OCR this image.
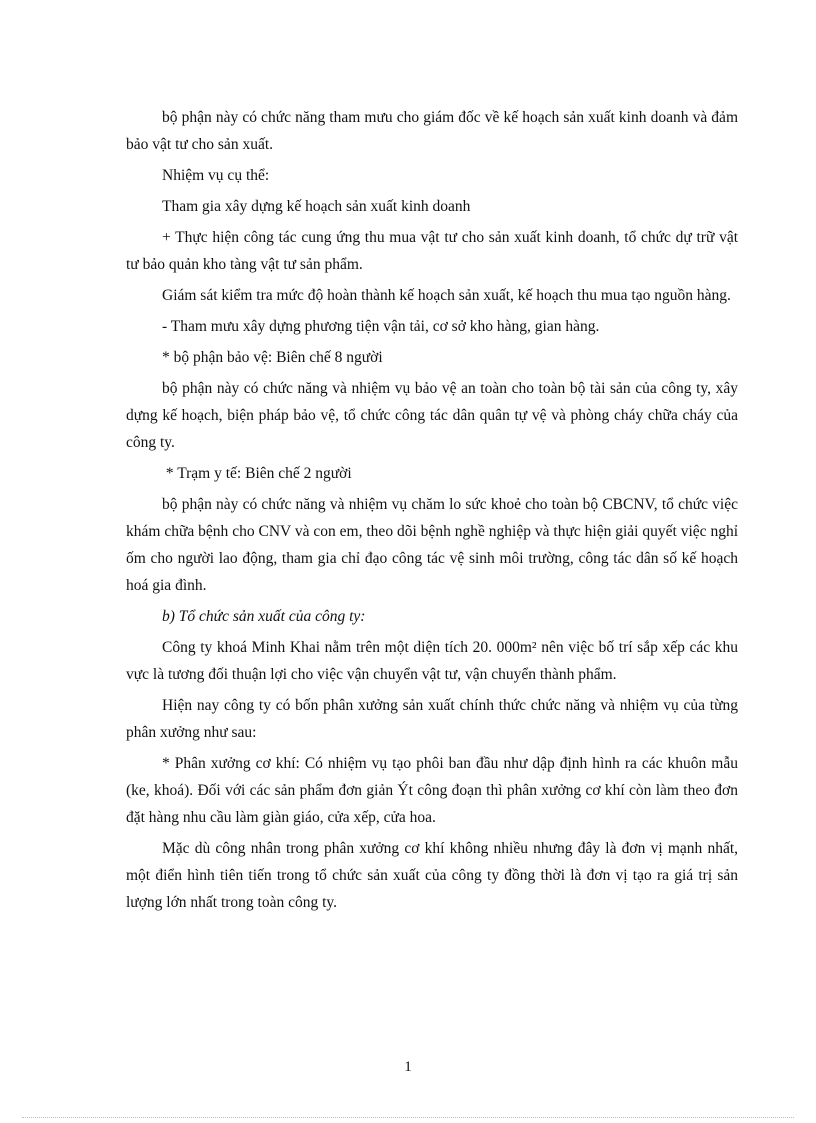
bộ phận này có chức năng tham mưu cho giám đốc về kế hoạch sản xuất kinh doanh và đảm bảo vật tư cho sản xuất.

Nhiệm vụ cụ thể:

Tham gia xây dựng kế hoạch sản xuất kinh doanh

+ Thực hiện công tác cung ứng thu mua vật tư cho sản xuất kinh doanh, tổ chức dự trữ vật tư bảo quản kho tàng vật tư sản phẩm.

Giám sát kiểm tra mức độ hoàn thành kế hoạch sản xuất, kế hoạch thu mua tạo nguồn hàng.

- Tham mưu xây dựng phương tiện vận tải, cơ sở kho hàng, gian hàng.

* bộ phận bảo vệ: Biên chế 8 người

bộ phận này có chức năng và nhiệm vụ bảo vệ an toàn cho toàn bộ tài sản của công ty, xây dựng kế hoạch, biện pháp bảo vệ, tổ chức công tác dân quân tự vệ và phòng cháy chữa cháy của công ty.

* Trạm y tế: Biên chế 2 người

bộ phận này có chức năng và nhiệm vụ chăm lo sức khoẻ cho toàn bộ CBCNV, tổ chức việc khám chữa bệnh cho CNV và con em, theo dõi bệnh nghề nghiệp và thực hiện giải quyết việc nghỉ ốm cho người lao động, tham gia chỉ đạo công tác vệ sinh môi trường, công tác dân số kế hoạch hoá gia đình.

b) Tổ chức sản xuất của công ty:

Công ty khoá Minh Khai nằm trên một diện tích 20. 000m² nên việc bố trí sắp xếp các khu vực là tương đối thuận lợi cho việc vận chuyển vật tư, vận chuyển thành phẩm.

Hiện nay công ty có bốn phân xưởng sản xuất chính thức chức năng và nhiệm vụ của từng phân xưởng như sau:

* Phân xưởng cơ khí: Có nhiệm vụ tạo phôi ban đầu như dập định hình ra các khuôn mẫu (ke, khoá). Đối với các sản phẩm đơn giản Ýt công đoạn thì phân xưởng cơ khí còn làm theo đơn đặt hàng nhu cầu làm giàn giáo, cửa xếp, cửa hoa.

Mặc dù công nhân trong phân xưởng cơ khí không nhiều nhưng đây là đơn vị mạnh nhất, một điển hình tiên tiến trong tổ chức sản xuất của công ty đồng thời là đơn vị tạo ra giá trị sản lượng lớn nhất trong toàn công ty.

1
